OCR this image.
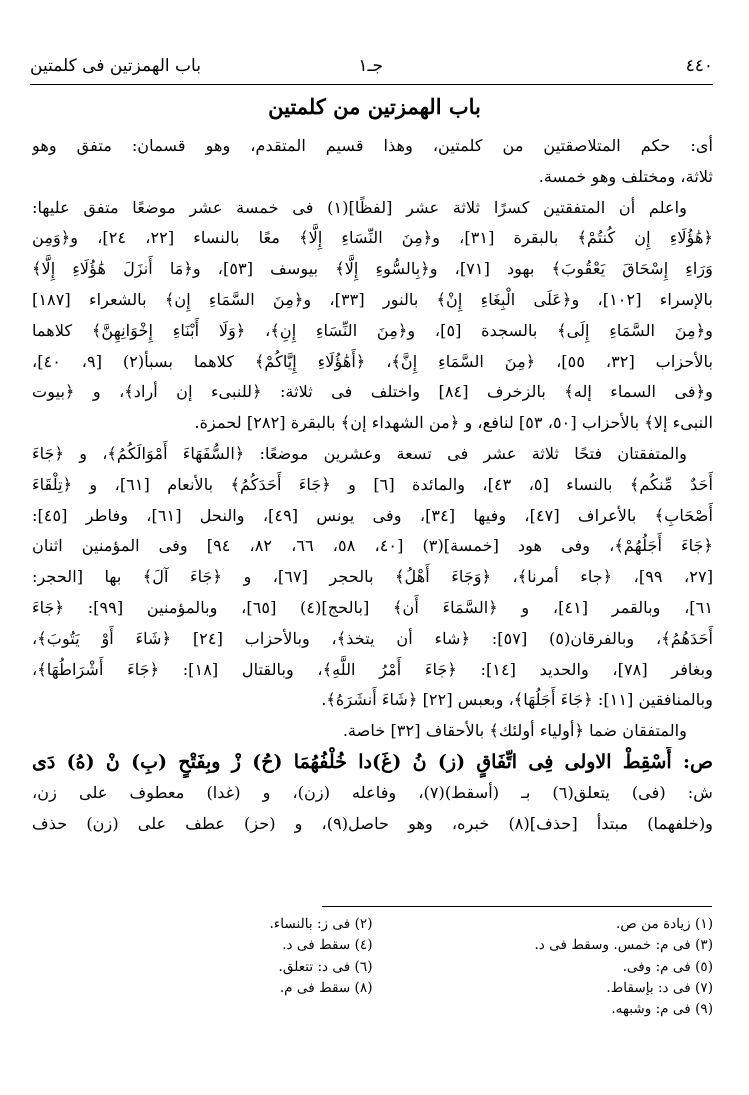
٤٤٠
جـ١
باب الهمزتين فى كلمتين
باب الهمزتين من كلمتين
أى: حكم المتلاصقتين من كلمتين، وهذا قسيم المتقدم، وهو قسمان: متفق وهو
ثلاثة، ومختلف وهو خمسة.
واعلم أن المتفقتين كسرًا ثلاثة عشر [لفظًا](١) فى خمسة عشر موضعًا متفق عليها:
﴿هَٰؤُلَاءِ إِن كُنتُمْ﴾ بالبقرة [٣١]، و﴿مِنَ النِّسَاءِ إِلَّا﴾ معًا بالنساء [٢٢، ٢٤]، و﴿وَمِن
وَرَاءِ إِسْحَاقَ يَعْقُوبَ﴾ بهود [٧١]، و﴿بِالسُّوءِ إِلَّا﴾ بيوسف [٥٣]، و﴿مَا أَنزَلَ هَٰؤُلَاءِ إِلَّا﴾
بالإسراء [١٠٢]، و﴿عَلَى الْبِغَاءِ إِنْ﴾ بالنور [٣٣]، و﴿مِنَ السَّمَاءِ إِن﴾ بالشعراء [١٨٧]
و﴿مِنَ السَّمَاءِ إِلَى﴾ بالسجدة [٥]، و﴿مِنَ النِّسَاءِ إِنِ﴾، ﴿وَلَا أَبْنَاءِ إِخْوَانِهِنَّ﴾ كلاهما
بالأحزاب [٣٢، ٥٥]، ﴿مِنَ السَّمَاءِ إِنَّ﴾، ﴿أَهَٰؤُلَاءِ إِيَّاكُمْ﴾ كلاهما بسبأ(٢) [٩، ٤٠]،
و﴿فى السماء إله﴾ بالزخرف [٨٤] واختلف فى ثلاثة: ﴿للنبىء إن أراد﴾، و ﴿بيوت
النبىء إلا﴾ بالأحزاب [٥٠، ٥٣] لنافع، و ﴿من الشهداء إن﴾ بالبقرة [٢٨٢] لحمزة.
والمتفقتان فتحًا ثلاثة عشر فى تسعة وعشرين موضعًا: ﴿السُّفَهَاءَ أَمْوَالَكُمُ﴾، و ﴿جَاءَ
أَحَدٌ مِّنكُم﴾ بالنساء [٥، ٤٣]، والمائدة [٦] و ﴿جَاءَ أَحَدَكُمُ﴾ بالأنعام [٦١]، و ﴿تِلْقَاءَ
أَصْحَابِ﴾ بالأعراف [٤٧]، وفيها [٣٤]، وفى يونس [٤٩]، والنحل [٦١]، وفاطر [٤٥]:
﴿جَاءَ أَجَلُهُمْ﴾، وفى هود [خمسة](٣) [٤٠، ٥٨، ٦٦، ٨٢، ٩٤] وفى المؤمنين اثنان
[٢٧، ٩٩]، ﴿جاء أمرنا﴾، ﴿وَجَاءَ أَهْلُ﴾ بالحجر [٦٧]، و ﴿جَاءَ آلَ﴾ بها [الحجر:
٦١]، وبالقمر [٤١]، و ﴿السَّمَاءَ أَن﴾ [بالحج](٤) [٦٥]، وبالمؤمنين [٩٩]: ﴿جَاءَ
أَحَدَهُمُ﴾، وبالفرقان(٥) [٥٧]: ﴿شاء أن يتخذ﴾، وبالأحزاب [٢٤] ﴿شَاءَ أَوْ يَتُوبَ﴾،
وبغافر [٧٨]، والحديد [١٤]: ﴿جَاءَ أَمْرُ اللَّهِ﴾، وبالقتال [١٨]: ﴿جَاءَ أَشْرَاطُهَا﴾،
وبالمنافقين [١١]: ﴿جَاءَ أَجَلُهَا﴾، وبعبس [٢٢] ﴿شَاءَ أَنشَرَهُ﴾.
والمتفقان ضما ﴿أولياء أولئك﴾ بالأحقاف [٣٢] خاصة.
ص: أَسْقِطْ الاولى فِى اتِّفَاقٍ (ز) نُ (غَ)دا خُلْفُهُمَا (حُ) زْ وبِفَتْحٍ (بِ) نْ (هُ) دَى
ش: (فى) يتعلق(٦) بـ (أسقط)(٧)، وفاعله (زن)، و (غدا) معطوف على زن،
و(خلفهما) مبتدأ [حذف](٨) خبره، وهو حاصل(٩)، و (حز) عطف على (زن) حذف
(١) زيادة من ص.
(٢) فى ز: بالنساء.
(٣) فى م: خمس. وسقط فى د.
(٤) سقط فى د.
(٥) فى م: وفى.
(٦) فى د: تتعلق.
(٧) فى د: بإسقاط.
(٨) سقط فى م.
(٩) فى م: وشبهه.
